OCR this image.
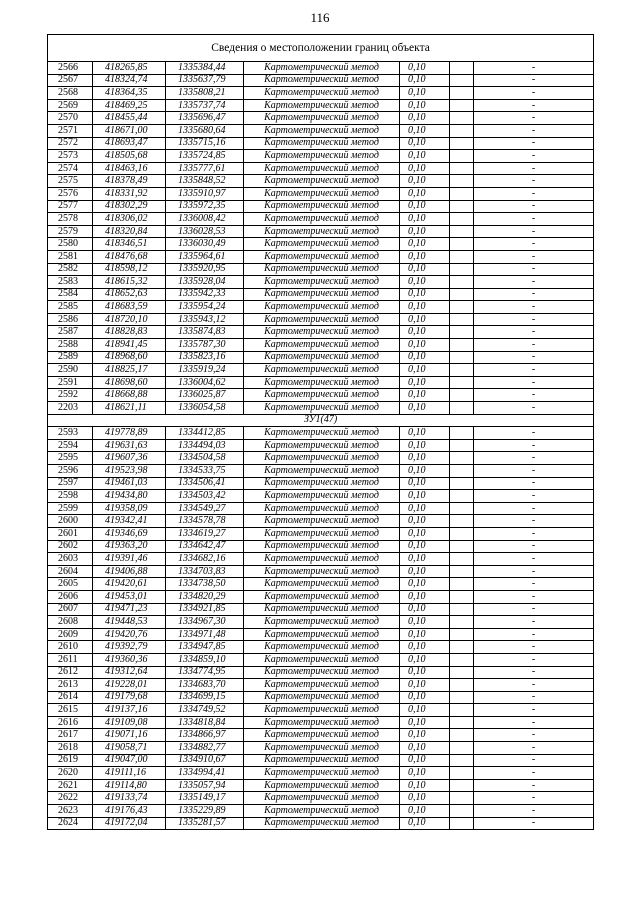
116
Сведения о местоположении границ объекта						
2566	418265,85	1335384,44	Картометрический метод	0,10		-
2567	418324,74	1335637,79	Картометрический метод	0,10		-
2568	418364,35	1335808,21	Картометрический метод	0,10		-
2569	418469,25	1335737,74	Картометрический метод	0,10		-
2570	418455,44	1335696,47	Картометрический метод	0,10		-
2571	418671,00	1335680,64	Картометрический метод	0,10		-
2572	418693,47	1335715,16	Картометрический метод	0,10		-
2573	418505,68	1335724,85	Картометрический метод	0,10		-
2574	418463,16	1335777,61	Картометрический метод	0,10		-
2575	418378,49	1335848,52	Картометрический метод	0,10		-
2576	418331,92	1335910,97	Картометрический метод	0,10		-
2577	418302,29	1335972,35	Картометрический метод	0,10		-
2578	418306,02	1336008,42	Картометрический метод	0,10		-
2579	418320,84	1336028,53	Картометрический метод	0,10		-
2580	418346,51	1336030,49	Картометрический метод	0,10		-
2581	418476,68	1335964,61	Картометрический метод	0,10		-
2582	418598,12	1335920,95	Картометрический метод	0,10		-
2583	418615,32	1335928,04	Картометрический метод	0,10		-
2584	418652,63	1335942,33	Картометрический метод	0,10		-
2585	418683,59	1335954,24	Картометрический метод	0,10		-
2586	418720,10	1335943,12	Картометрический метод	0,10		-
2587	418828,83	1335874,83	Картометрический метод	0,10		-
2588	418941,45	1335787,30	Картометрический метод	0,10		-
2589	418968,60	1335823,16	Картометрический метод	0,10		-
2590	418825,17	1335919,24	Картометрический метод	0,10		-
2591	418698,60	1336004,62	Картометрический метод	0,10		-
2592	418668,88	1336025,87	Картометрический метод	0,10		-
2203	418621,11	1336054,58	Картометрический метод	0,10		-
ЗУ1(47)						
2593	419778,89	1334412,85	Картометрический метод	0,10		-
2594	419631,63	1334494,03	Картометрический метод	0,10		-
2595	419607,36	1334504,58	Картометрический метод	0,10		-
2596	419523,98	1334533,75	Картометрический метод	0,10		-
2597	419461,03	1334506,41	Картометрический метод	0,10		-
2598	419434,80	1334503,42	Картометрический метод	0,10		-
2599	419358,09	1334549,27	Картометрический метод	0,10		-
2600	419342,41	1334578,78	Картометрический метод	0,10		-
2601	419346,69	1334619,27	Картометрический метод	0,10		-
2602	419363,20	1334642,47	Картометрический метод	0,10		-
2603	419391,46	1334682,16	Картометрический метод	0,10		-
2604	419406,88	1334703,83	Картометрический метод	0,10		-
2605	419420,61	1334738,50	Картометрический метод	0,10		-
2606	419453,01	1334820,29	Картометрический метод	0,10		-
2607	419471,23	1334921,85	Картометрический метод	0,10		-
2608	419448,53	1334967,30	Картометрический метод	0,10		-
2609	419420,76	1334971,48	Картометрический метод	0,10		-
2610	419392,79	1334947,85	Картометрический метод	0,10		-
2611	419360,36	1334859,10	Картометрический метод	0,10		-
2612	419312,64	1334774,95	Картометрический метод	0,10		-
2613	419228,01	1334683,70	Картометрический метод	0,10		-
2614	419179,68	1334699,15	Картометрический метод	0,10		-
2615	419137,16	1334749,52	Картометрический метод	0,10		-
2616	419109,08	1334818,84	Картометрический метод	0,10		-
2617	419071,16	1334866,97	Картометрический метод	0,10		-
2618	419058,71	1334882,77	Картометрический метод	0,10		-
2619	419047,00	1334910,67	Картометрический метод	0,10		-
2620	419111,16	1334994,41	Картометрический метод	0,10		-
2621	419114,80	1335057,94	Картометрический метод	0,10		-
2622	419133,74	1335149,17	Картометрический метод	0,10		-
2623	419176,43	1335229,89	Картометрический метод	0,10		-
2624	419172,04	1335281,57	Картометрический метод	0,10		-
